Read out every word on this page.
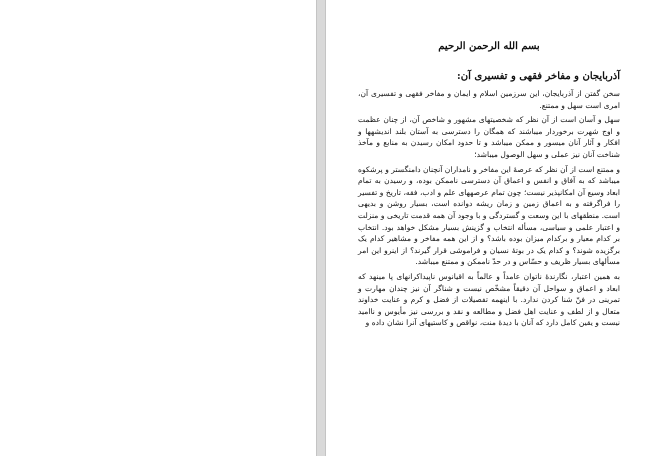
بسم الله الرحمن الرحيم
آذربایجان و مفاخر فقهی و تفسیری آن:

سخن گفتن از آذربایجان، این سرزمین اسلام و ایمان و مفاخر فقهی و تفسیری آن، امری است سهل و ممتنع.

سهل و آسان است از آن نظر که شخصیتهای مشهور و شاخص آن، از چنان عظمت و اوج شهرت برخوردار میباشند که همگان را دسترسی به آستان بلند اندیشهها و افکار و آثار آنان میسور و ممکن میباشد و تا حدود امکان رسیدن به منابع و مآخذ شناخت آنان نیز عملی و سهل الوصول میباشد؛

و ممتنع است از آن نظر که عرصهٔ این مفاخر و نامداران آنچنان دامنگستر و پرشکوه میباشد که به آفاق و انفس و اعماق آن دسترسی ناممکن بوده، و رسیدن به تمام ابعاد وسیع آن امکانپذیر نیست؛ چون تمام عرصههای علم و ادب، فقه، تاریخ و تفسیر را فراگرفته و به اعماق زمین و زمان ریشه دوانده است، بسیار روشن و بدیهی است. منطقهای با این وسعت و گستردگی و با وجود آن همه قدمت تاریخی و منزلت و اعتبار علمی و سیاسی، مسأله انتخاب و گزینش بسیار مشکل خواهد بود. انتخاب بر کدام معیار و برکدام میزان بوده باشد؟ و از این همه مفاخر و مشاهیر کدام یک برگزیده شوند؟ و کدام یک در بوتهٔ نسیان و فراموشی قرار گیرند؟ از اینرو این امر مسألهای بسیار ظریف و حسّاس و در حدّ ناممکن و ممتنع میباشد.

به همین اعتبار، نگارندهٔ ناتوان عامداً و عالماً به اقیانوس ناپیداکرانهای پا مینهد که ابعاد و اعماق و سواحل آن دقیقاً مشخّص نیست و شناگر آن نیز چندان مهارت و تمرینی در فنّ شنا کردن ندارد. با اینهمه تفصیلات از فضل و کرم و عنایت خداوند متعال و از لطف و عنایت اهل فضل و مطالعه و نقد و بررسی نیز مأیوس و ناامید نیست و یقین کامل دارد که آنان با دیدهٔ منت، نواقص و کاستیهای آنرا نشان داده و
